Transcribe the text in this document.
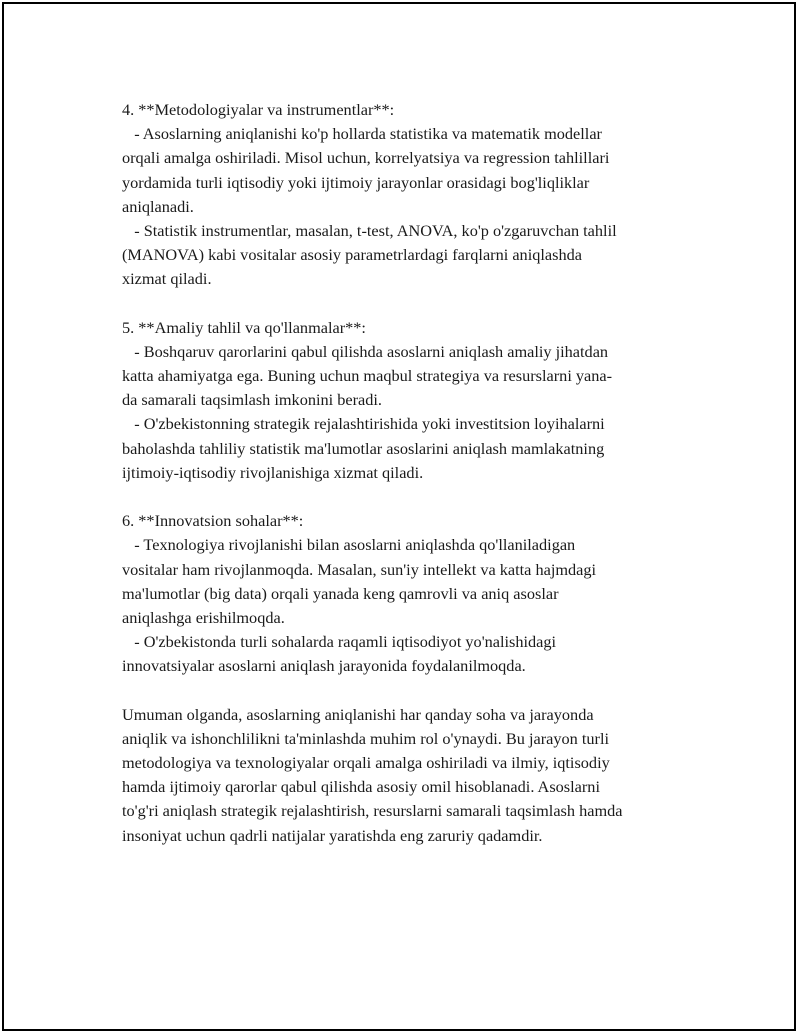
4. **Metodologiyalar va instrumentlar**:
- Asoslarning aniqlanishi ko'p hollarda statistika va matematik modellar
orqali amalga oshiriladi. Misol uchun, korrelyatsiya va regression tahlillari
yordamida turli iqtisodiy yoki ijtimoiy jarayonlar orasidagi bog'liqliklar
aniqlanadi.
- Statistik instrumentlar, masalan, t-test, ANOVA, ko'p o'zgaruvchan tahlil
(MANOVA) kabi vositalar asosiy parametrlardagi farqlarni aniqlashda
xizmat qiladi.
5. **Amaliy tahlil va qo'llanmalar**:
- Boshqaruv qarorlarini qabul qilishda asoslarni aniqlash amaliy jihatdan
katta ahamiyatga ega. Buning uchun maqbul strategiya va resurslarni yana-
da samarali taqsimlash imkonini beradi.
- O'zbekistonning strategik rejalashtirishida yoki investitsion loyihalarni
baholashda tahliliy statistik ma'lumotlar asoslarini aniqlash mamlakatning
ijtimoiy-iqtisodiy rivojlanishiga xizmat qiladi.
6. **Innovatsion sohalar**:
- Texnologiya rivojlanishi bilan asoslarni aniqlashda qo'llaniladigan
vositalar ham rivojlanmoqda. Masalan, sun'iy intellekt va katta hajmdagi
ma'lumotlar (big data) orqali yanada keng qamrovli va aniq asoslar
aniqlashga erishilmoqda.
- O'zbekistonda turli sohalarda raqamli iqtisodiyot yo'nalishidagi
innovatsiyalar asoslarni aniqlash jarayonida foydalanilmoqda.
Umuman olganda, asoslarning aniqlanishi har qanday soha va jarayonda
aniqlik va ishonchlilikni ta'minlashda muhim rol o'ynaydi. Bu jarayon turli
metodologiya va texnologiyalar orqali amalga oshiriladi va ilmiy, iqtisodiy
hamda ijtimoiy qarorlar qabul qilishda asosiy omil hisoblanadi. Asoslarni
to'g'ri aniqlash strategik rejalashtirish, resurslarni samarali taqsimlash hamda
insoniyat uchun qadrli natijalar yaratishda eng zaruriy qadamdir.
